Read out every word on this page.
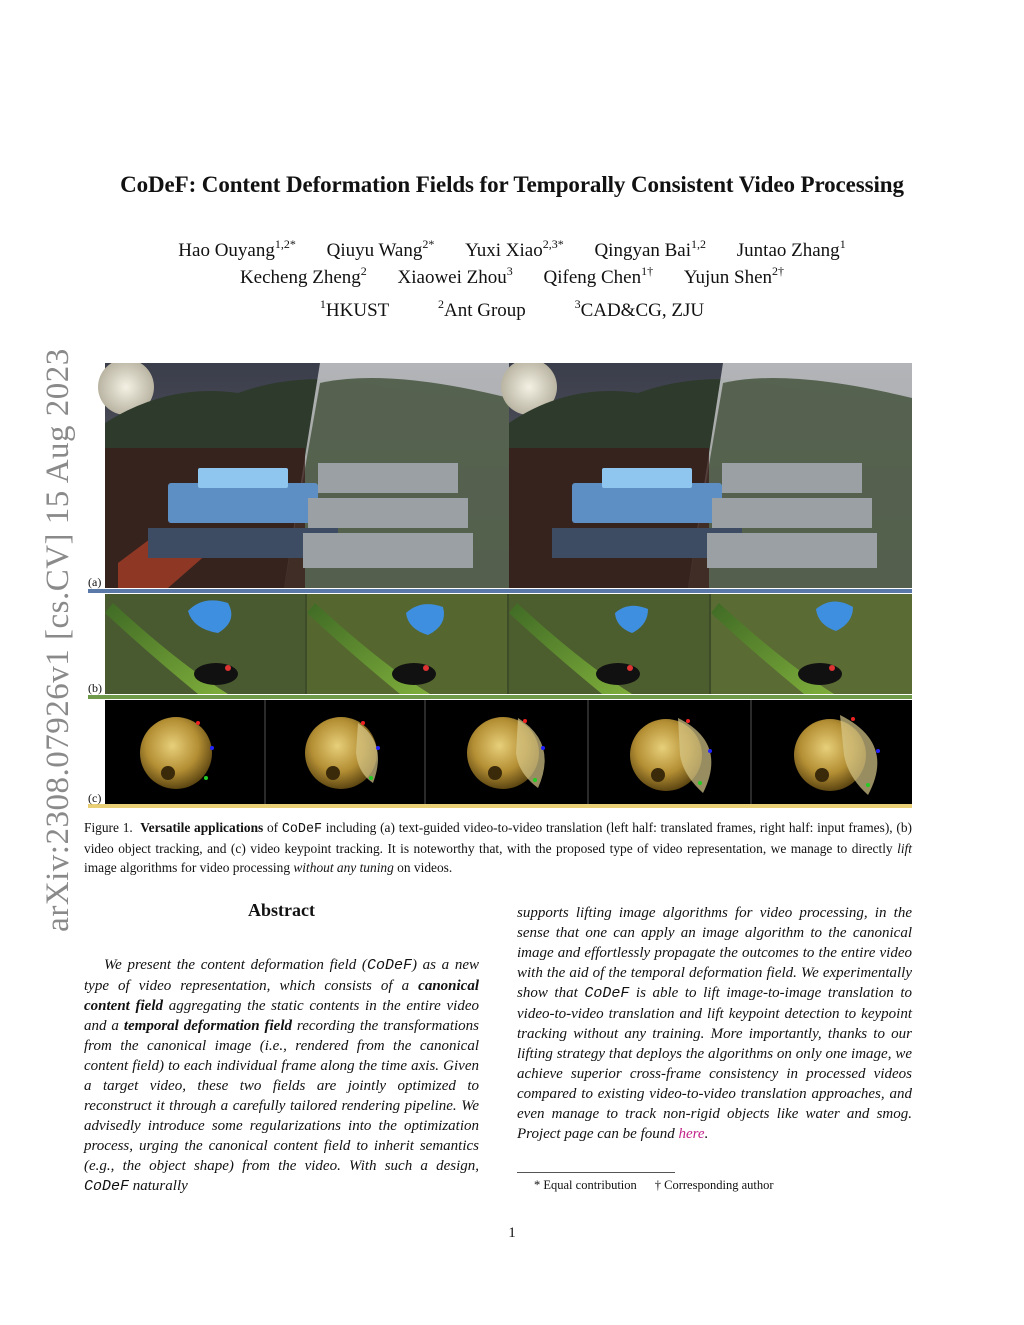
arXiv:2308.07926v1 [cs.CV] 15 Aug 2023
CoDeF: Content Deformation Fields for Temporally Consistent Video Processing
Hao Ouyang$^{1,2*}$ Qiuyu Wang$^{2*}$ Yuxi Xiao$^{2,3*}$ Qingyan Bai$^{1,2}$ Juntao Zhang$^1$
Kecheng Zheng$^2$ Xiaowei Zhou$^3$ Qifeng Chen$^{1\dagger}$ Yujun Shen$^{2\dagger}$
$^1$HKUST	$^2$Ant Group	$^3$CAD&CG, ZJU
(a)
(b)
(c)
Figure 1. Versatile applications of CoDeF including (a) text-guided video-to-video translation (left half: translated frames, right half: input frames), (b) video object tracking, and (c) video keypoint tracking. It is noteworthy that, with the proposed type of video representation, we manage to directly lift image algorithms for video processing without any tuning on videos.
Abstract

We present the content deformation field (CoDeF) as a new type of video representation, which consists of a canonical content field aggregating the static contents in the entire video and a temporal deformation field recording the transformations from the canonical image (i.e., rendered from the canonical content field) to each individual frame along the time axis. Given a target video, these two fields are jointly optimized to reconstruct it through a carefully tailored rendering pipeline. We advisedly introduce some regularizations into the optimization process, urging the canonical content field to inherit semantics (e.g., the object shape) from the video. With such a design, CoDeF naturally

supports lifting image algorithms for video processing, in the sense that one can apply an image algorithm to the canonical image and effortlessly propagate the outcomes to the entire video with the aid of the temporal deformation field. We experimentally show that CoDeF is able to lift image-to-image translation to video-to-video translation and lift keypoint detection to keypoint tracking without any training. More importantly, thanks to our lifting strategy that deploys the algorithms on only one image, we achieve superior cross-frame consistency in processed videos compared to existing video-to-video translation approaches, and even manage to track non-rigid objects like water and smog. Project page can be found here.

* Equal contribution † Corresponding author
1
